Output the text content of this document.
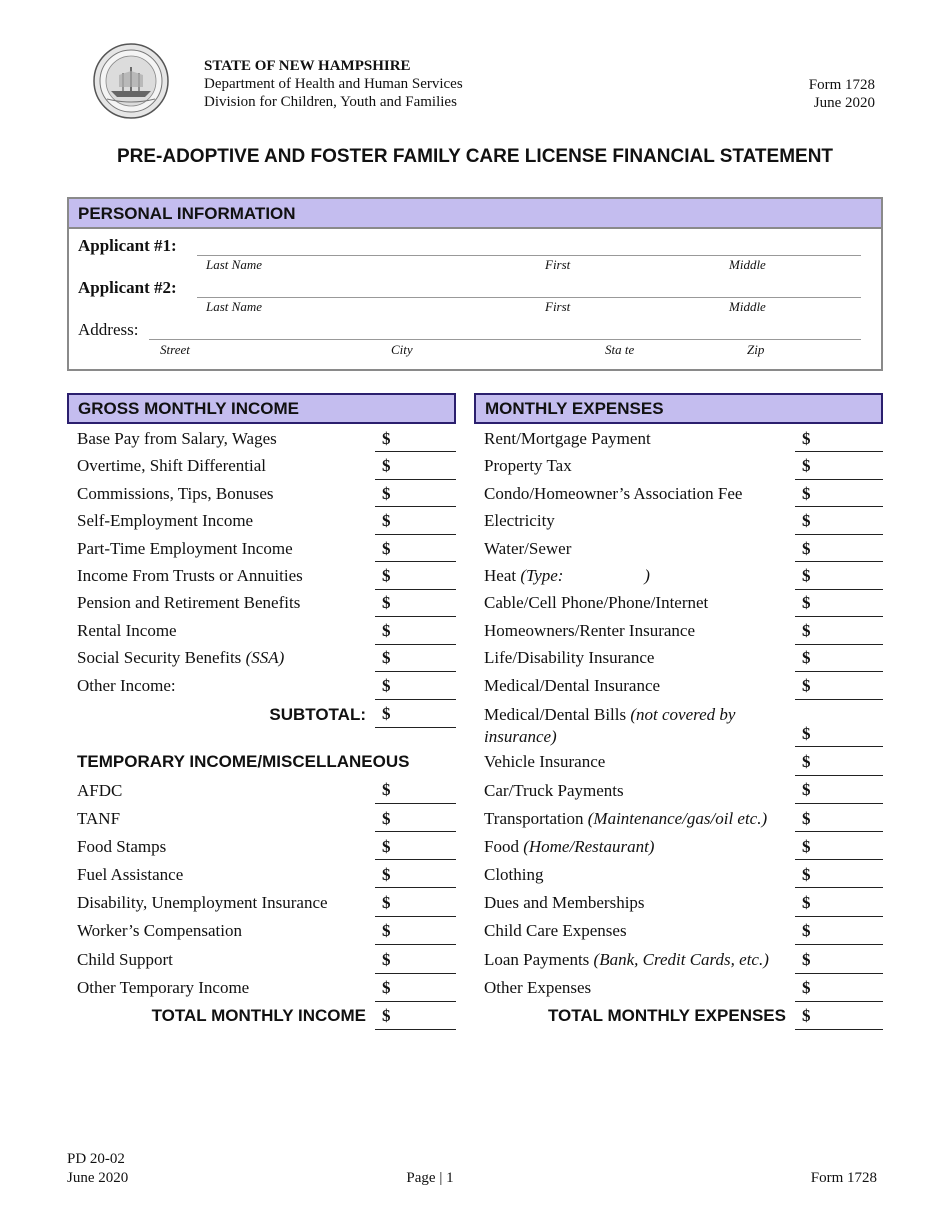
STATE OF NEW HAMPSHIRE
Department of Health and Human Services
Division for Children, Youth and Families
Form 1728
June 2020
PRE-ADOPTIVE AND FOSTER FAMILY CARE LICENSE FINANCIAL STATEMENT
PERSONAL INFORMATION
Applicant #1:
Last Name	First	Middle
Applicant #2:
Last Name	First	Middle
Address:
Street	City	Sta te	Zip
GROSS MONTHLY INCOME	MONTHLY EXPENSES
Base Pay from Salary, Wages	$
Overtime, Shift Differential	$
Commissions, Tips, Bonuses	$
Self-Employment Income	$
Part-Time Employment Income	$
Income From Trusts or Annuities	$
Pension and Retirement Benefits	$
Rental Income	$
Social Security Benefits (SSA)	$
Other Income:	$
SUBTOTAL: $
TEMPORARY INCOME/MISCELLANEOUS
AFDC	$
TANF	$
Food Stamps	$
Fuel Assistance	$
Disability, Unemployment Insurance	$
Worker’s Compensation	$
Child Support	$
Other Temporary Income	$
TOTAL MONTHLY INCOME $
Rent/Mortgage Payment	$
Property Tax	$
Condo/Homeowner’s Association Fee	$
Electricity	$
Water/Sewer	$
Heat (Type:                   )	$
Cable/Cell Phone/Phone/Internet	$
Homeowners/Renter Insurance	$
Life/Disability Insurance	$
Medical/Dental Insurance	$
Medical/Dental Bills (not covered by insurance)	$
Vehicle Insurance	$
Car/Truck Payments	$
Transportation (Maintenance/gas/oil etc.) $
Food (Home/Restaurant)	$
Clothing	$
Dues and Memberships	$
Child Care Expenses	$
Loan Payments (Bank, Credit Cards, etc.) $
Other Expenses	$
TOTAL MONTHLY EXPENSES $
PD 20-02
June 2020	Page | 1	Form 1728
